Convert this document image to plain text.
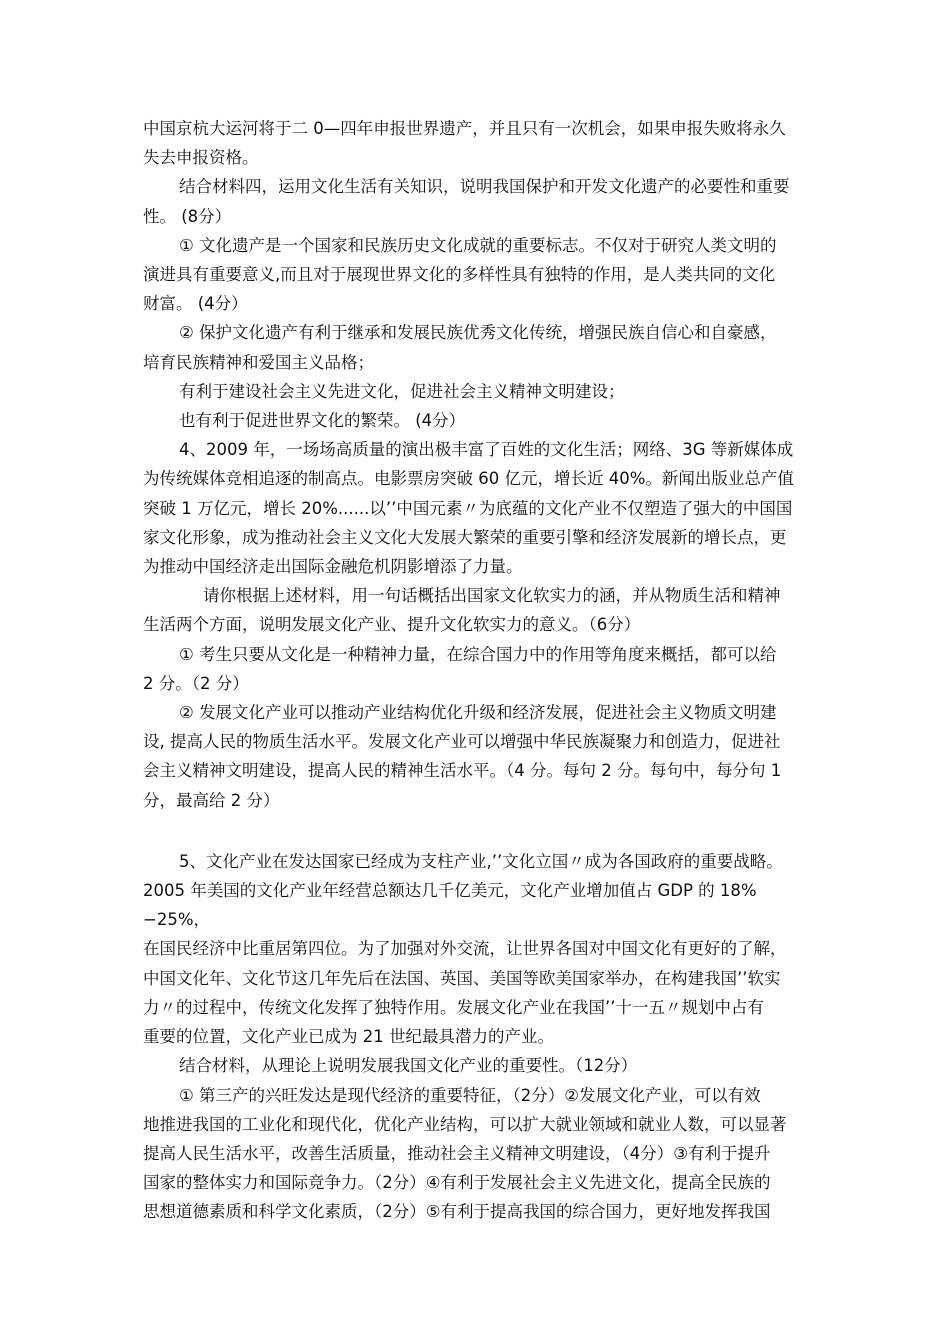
中国京杭大运河将于二 0—四年申报世界遗产，并且只有一次机会，如果申报失败将永久
失去申报资格。
结合材料四，运用文化生活有关知识，说明我国保护和开发文化遗产的必要性和重要
性。 (8分）
① 文化遗产是一个国家和民族历史文化成就的重要标志。不仅对于研究人类文明的
演进具有重要意义,而且对于展现世界文化的多样性具有独特的作用，是人类共同的文化
财富。 (4分）
② 保护文化遗产有利于继承和发展民族优秀文化传统，增强民族自信心和自豪感，
培育民族精神和爱国主义品格；
有利于建设社会主义先进文化，促进社会主义精神文明建设；
也有利于促进世界文化的繁荣。 (4分）
4、2009 年，一场场高质量的演出极丰富了百姓的文化生活；网络、3G 等新媒体成
为传统媒体竞相追逐的制高点。电影票房突破 60 亿元，增长近 40%。新闻出版业总产值
突破 1 万亿元，增长 20%......以’’中国元素〃为底蕴的文化产业不仅塑造了强大的中国国
家文化形象，成为推动社会主义文化大发展大繁荣的重要引擎和经济发展新的增长点，更
为推动中国经济走出国际金融危机阴影增添了力量。
请你根据上述材料，用一句话概括出国家文化软实力的涵，并从物质生活和精神
生活两个方面，说明发展文化产业、提升文化软实力的意义。（6分）
① 考生只要从文化是一种精神力量，在综合国力中的作用等角度来概括，都可以给
2 分。（2 分）
② 发展文化产业可以推动产业结构优化升级和经济发展，促进社会主义物质文明建
设, 提高人民的物质生活水平。发展文化产业可以增强中华民族凝聚力和创造力，促进社
会主义精神文明建设，提高人民的精神生活水平。（4 分。每句 2 分。每句中，每分句 1
分，最高给 2 分）
5、文化产业在发达国家已经成为支柱产业,’’文化立国〃成为各国政府的重要战略。
2005 年美国的文化产业年经营总额达几千亿美元，文化产业增加值占 GDP 的 18%−25%，
在国民经济中比重居第四位。为了加强对外交流，让世界各国对中国文化有更好的了解，
中国文化年、文化节这几年先后在法国、英国、美国等欧美国家举办，在构建我国’’软实
力〃的过程中，传统文化发挥了独特作用。发展文化产业在我国’’十一五〃规划中占有
重要的位置，文化产业已成为 21 世纪最具潜力的产业。
结合材料，从理论上说明发展我国文化产业的重要性。（12分）
① 第三产的兴旺发达是现代经济的重要特征，（2分）②发展文化产业，可以有效
地推进我国的工业化和现代化，优化产业结构，可以扩大就业领域和就业人数，可以显著
提高人民生活水平，改善生活质量，推动社会主义精神文明建设，（4分）③有利于提升
国家的整体实力和国际竞争力。（2分）④有利于发展社会主义先进文化，提高全民族的
思想道德素质和科学文化素质，（2分）⑤有利于提高我国的综合国力，更好地发挥我国
